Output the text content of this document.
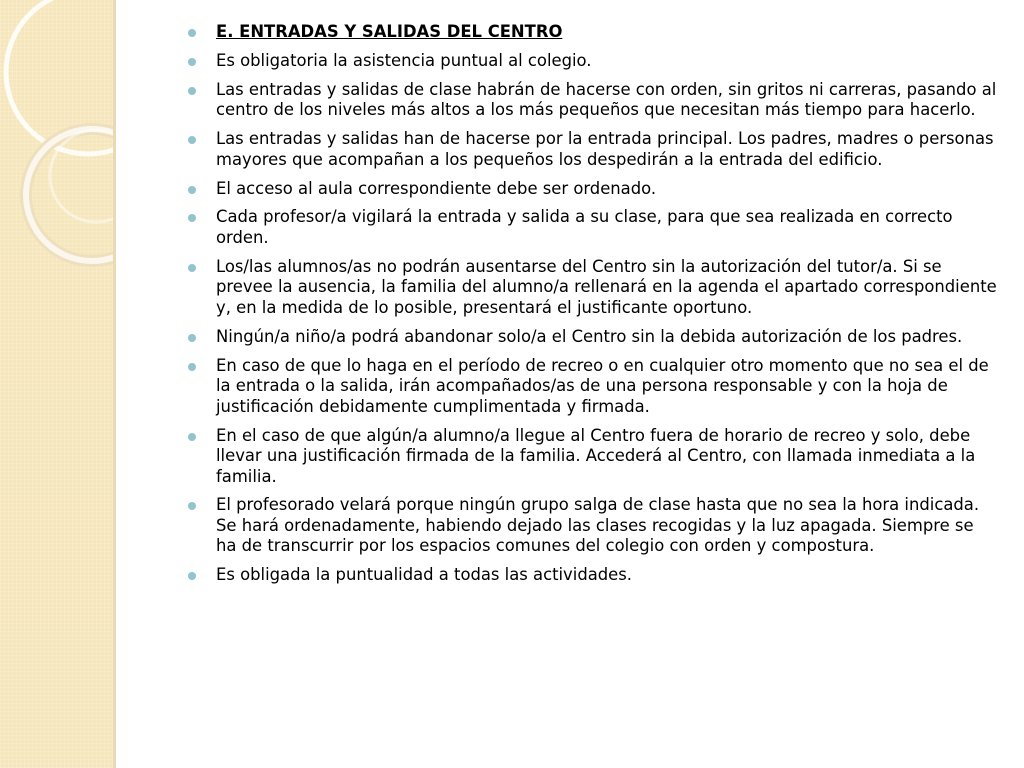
E. ENTRADAS Y SALIDAS DEL CENTRO
Es obligatoria la asistencia puntual al colegio.
Las entradas y salidas de clase habrán de hacerse con orden, sin gritos ni carreras, pasando al centro de los niveles más altos a los más pequeños que necesitan más tiempo para hacerlo.
Las entradas y salidas han de hacerse por la entrada principal. Los padres, madres o personas mayores que acompañan a los pequeños los despedirán a la entrada del edificio.
El acceso al aula correspondiente debe ser ordenado.
Cada profesor/a vigilará la entrada y salida a su clase, para que sea realizada en correcto orden.
Los/las alumnos/as no podrán ausentarse del Centro sin la autorización del tutor/a. Si se prevee la ausencia, la familia del alumno/a rellenará en la agenda el apartado correspondiente y, en la medida de lo posible, presentará el justificante oportuno.
Ningún/a niño/a podrá abandonar solo/a el Centro sin la debida autorización de los padres.
En caso de que lo haga en el período de recreo o en cualquier otro momento que no sea el de la entrada o la salida, irán acompañados/as de una persona responsable y con la hoja de justificación debidamente cumplimentada y firmada.
En el caso de que algún/a alumno/a llegue al Centro fuera de horario de recreo y solo, debe llevar una justificación firmada de la familia. Accederá al Centro, con llamada inmediata a la familia.
El profesorado velará porque ningún grupo salga de clase hasta que no sea la hora indicada. Se hará ordenadamente, habiendo dejado las clases recogidas y la luz apagada. Siempre se ha de transcurrir por los espacios comunes del colegio con orden y compostura.
Es obligada la puntualidad a todas las actividades.
